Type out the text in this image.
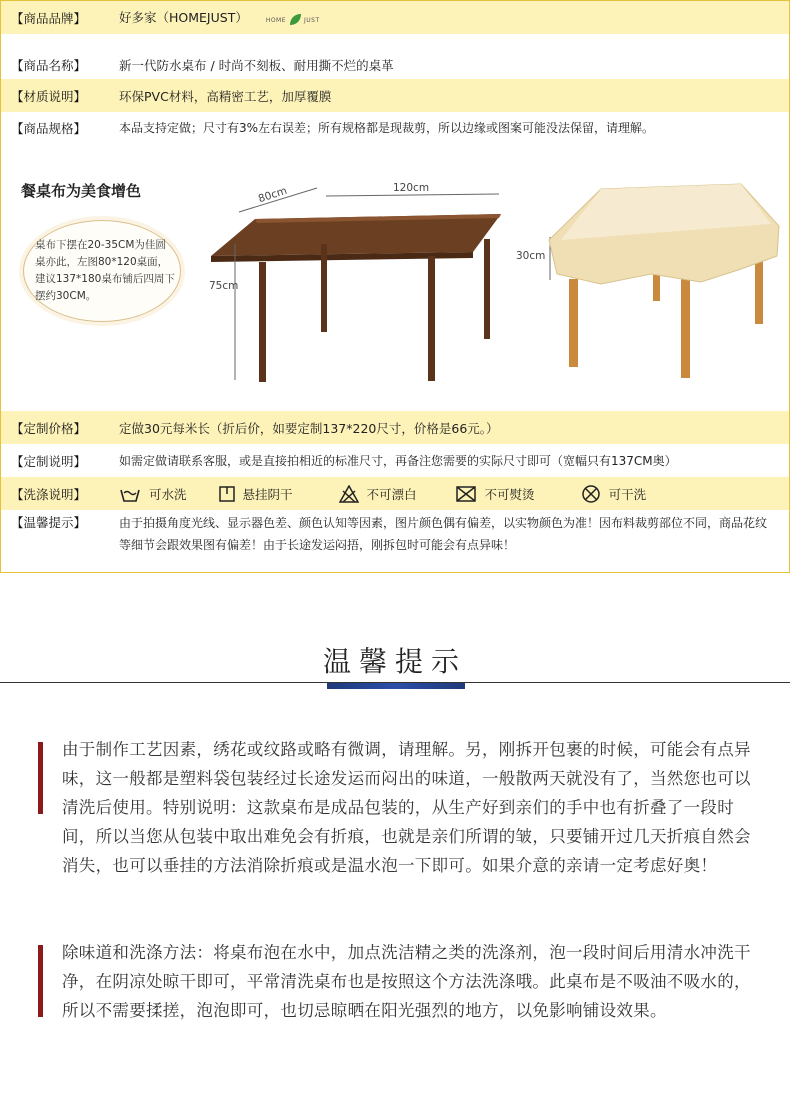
【商品品牌】	好多家（HOMEJUST）	HOME	JUST
【商品名称】	新一代防水桌布 / 时尚不刻板、耐用撕不烂的桌革
【材质说明】	环保PVC材料，高精密工艺，加厚覆膜
【商品规格】	本品支持定做；尺寸有3%左右误差；所有规格都是现裁剪，所以边缘或图案可能没法保留，请理解。
餐桌布为美食增色
桌布下摆在20-35CM为佳圆桌亦此，左图80*120桌面，建议137*180桌布铺后四周下摆约30CM。
80cm	120cm
75cm
30cm
【定制价格】	定做30元每米长（折后价，如要定制137*220尺寸，价格是66元。）
【定制说明】	如需定做请联系客服，或是直接拍相近的标准尺寸，再备注您需要的实际尺寸即可（宽幅只有137CM奥）
【洗涤说明】	可水洗	悬挂阴干	不可漂白	不可熨烫	可干洗
【温馨提示】	由于拍摄角度光线、显示器色差、颜色认知等因素，图片颜色偶有偏差，以实物颜色为准！因布料裁剪部位不同，商品花纹等细节会跟效果图有偏差！由于长途发运闷捂，刚拆包时可能会有点异味！
温馨提示
由于制作工艺因素，绣花或纹路或略有微调，请理解。另，刚拆开包裹的时候，可能会有点异味，这一般都是塑料袋包装经过长途发运而闷出的味道，一般散两天就没有了，当然您也可以清洗后使用。特别说明：这款桌布是成品包装的，从生产好到亲们的手中也有折叠了一段时间，所以当您从包装中取出难免会有折痕，也就是亲们所谓的皱，只要铺开过几天折痕自然会消失，也可以垂挂的方法消除折痕或是温水泡一下即可。如果介意的亲请一定考虑好奥！
除味道和洗涤方法：将桌布泡在水中，加点洗洁精之类的洗涤剂，泡一段时间后用清水冲洗干净，在阴凉处晾干即可，平常清洗桌布也是按照这个方法洗涤哦。此桌布是不吸油不吸水的，所以不需要揉搓，泡泡即可，也切忌晾晒在阳光强烈的地方，以免影响铺设效果。
